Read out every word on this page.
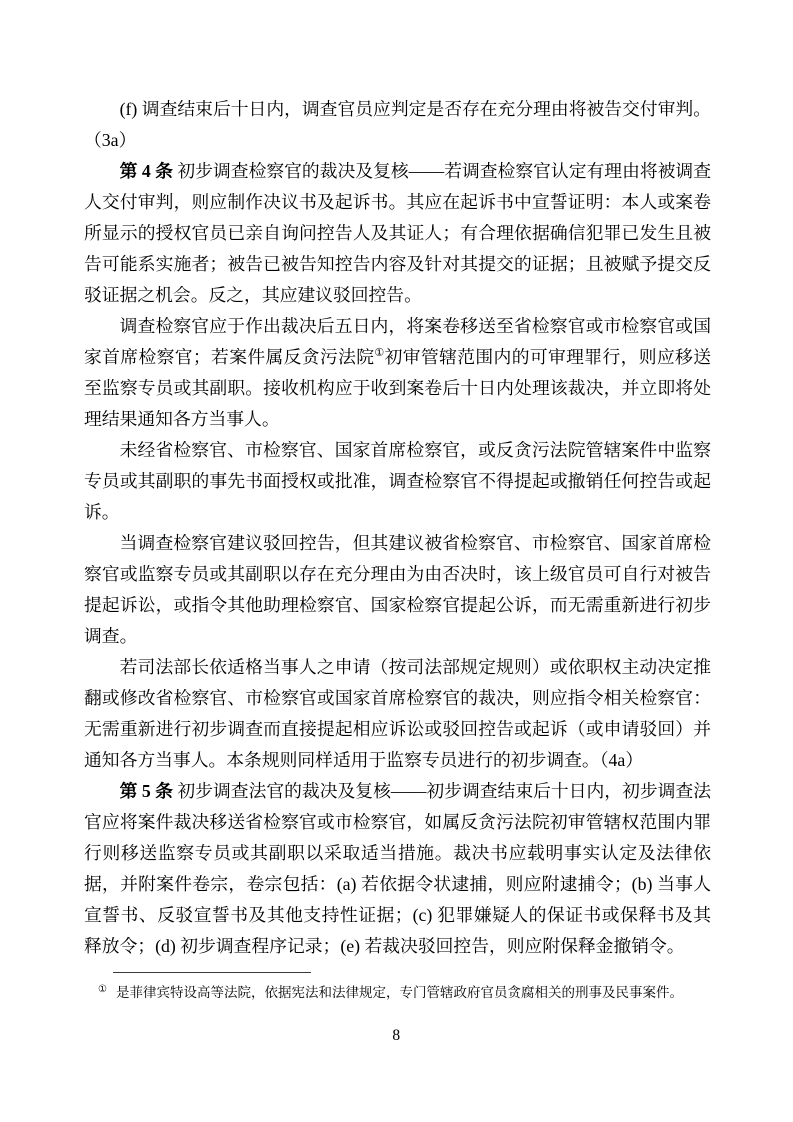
(f) 调查结束后十日内，调查官员应判定是否存在充分理由将被告交付审判。（3a）

第 4 条 初步调查检察官的裁决及复核——若调查检察官认定有理由将被调查人交付审判，则应制作决议书及起诉书。其应在起诉书中宣誓证明：本人或案卷所显示的授权官员已亲自询问控告人及其证人；有合理依据确信犯罪已发生且被告可能系实施者；被告已被告知控告内容及针对其提交的证据；且被赋予提交反驳证据之机会。反之，其应建议驳回控告。

调查检察官应于作出裁决后五日内，将案卷移送至省检察官或市检察官或国家首席检察官；若案件属反贪污法院①初审管辖范围内的可审理罪行，则应移送至监察专员或其副职。接收机构应于收到案卷后十日内处理该裁决，并立即将处理结果通知各方当事人。

未经省检察官、市检察官、国家首席检察官，或反贪污法院管辖案件中监察专员或其副职的事先书面授权或批准，调查检察官不得提起或撤销任何控告或起诉。

当调查检察官建议驳回控告，但其建议被省检察官、市检察官、国家首席检察官或监察专员或其副职以存在充分理由为由否决时，该上级官员可自行对被告提起诉讼，或指令其他助理检察官、国家检察官提起公诉，而无需重新进行初步调查。

若司法部长依适格当事人之申请（按司法部规定规则）或依职权主动决定推翻或修改省检察官、市检察官或国家首席检察官的裁决，则应指令相关检察官：无需重新进行初步调查而直接提起相应诉讼或驳回控告或起诉（或申请驳回）并通知各方当事人。本条规则同样适用于监察专员进行的初步调查。（4a）

第 5 条 初步调查法官的裁决及复核——初步调查结束后十日内，初步调查法官应将案件裁决移送省检察官或市检察官，如属反贪污法院初审管辖权范围内罪行则移送监察专员或其副职以采取适当措施。裁决书应载明事实认定及法律依据，并附案件卷宗，卷宗包括：(a) 若依据令状逮捕，则应附逮捕令；(b) 当事人宣誓书、反驳宣誓书及其他支持性证据；(c) 犯罪嫌疑人的保证书或保释书及其释放令；(d) 初步调查程序记录；(e) 若裁决驳回控告，则应附保释金撤销令。

① 是菲律宾特设高等法院，依据宪法和法律规定，专门管辖政府官员贪腐相关的刑事及民事案件。
8
